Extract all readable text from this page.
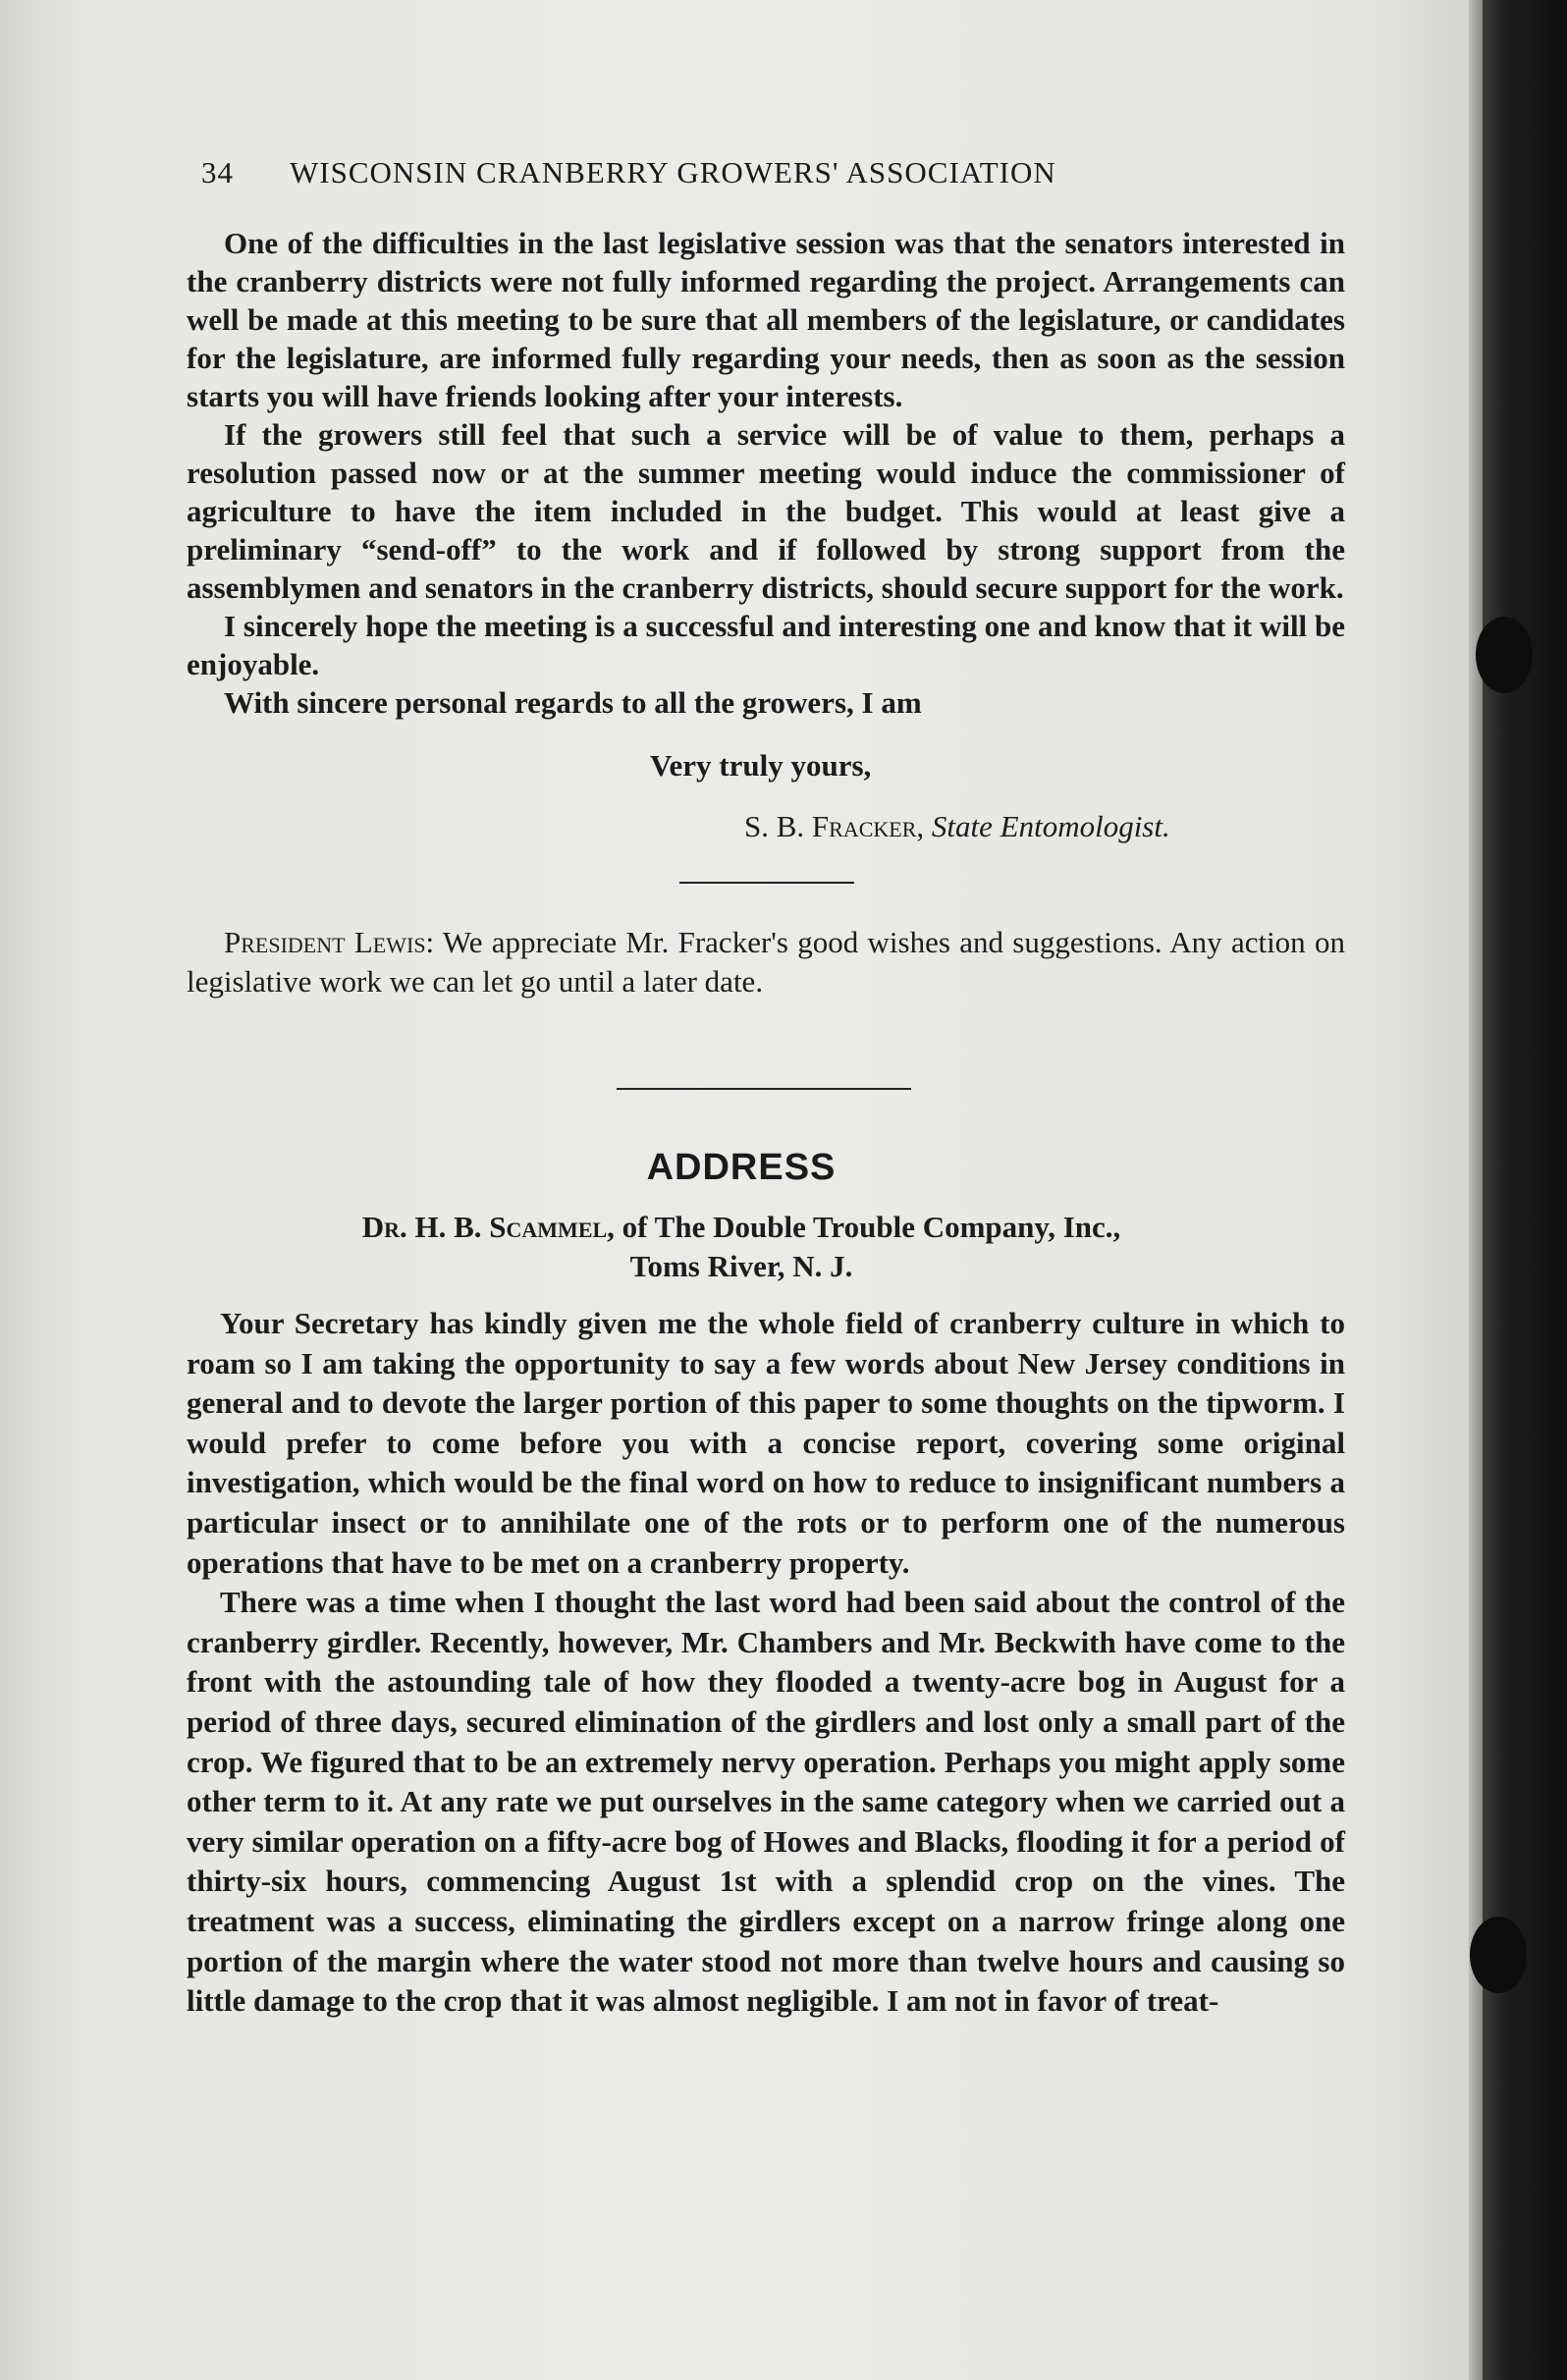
34 WISCONSIN CRANBERRY GROWERS' ASSOCIATION

One of the difficulties in the last legislative session was that the senators interested in the cranberry districts were not fully informed regarding the project. Arrangements can well be made at this meeting to be sure that all members of the legislature, or candidates for the legislature, are informed fully regarding your needs, then as soon as the session starts you will have friends looking after your interests.

If the growers still feel that such a service will be of value to them, perhaps a resolution passed now or at the summer meeting would induce the commissioner of agriculture to have the item included in the budget. This would at least give a preliminary “send-off” to the work and if followed by strong support from the assemblymen and senators in the cranberry districts, should secure support for the work.

I sincerely hope the meeting is a successful and interesting one and know that it will be enjoyable.

With sincere personal regards to all the growers, I am

Very truly yours,
S. B. Fracker, State Entomologist.

President Lewis: We appreciate Mr. Fracker's good wishes and suggestions. Any action on legislative work we can let go until a later date.

ADDRESS
Dr. H. B. Scammel, of The Double Trouble Company, Inc.,
Toms River, N. J.

Your Secretary has kindly given me the whole field of cranberry culture in which to roam so I am taking the opportunity to say a few words about New Jersey conditions in general and to devote the larger portion of this paper to some thoughts on the tipworm. I would prefer to come before you with a concise report, covering some original investigation, which would be the final word on how to reduce to insignificant numbers a particular insect or to annihilate one of the rots or to perform one of the numerous operations that have to be met on a cranberry property.

There was a time when I thought the last word had been said about the control of the cranberry girdler. Recently, however, Mr. Chambers and Mr. Beckwith have come to the front with the astounding tale of how they flooded a twenty-acre bog in August for a period of three days, secured elimination of the girdlers and lost only a small part of the crop. We figured that to be an extremely nervy operation. Perhaps you might apply some other term to it. At any rate we put ourselves in the same category when we carried out a very similar operation on a fifty-acre bog of Howes and Blacks, flooding it for a period of thirty-six hours, commencing August 1st with a splendid crop on the vines. The treatment was a success, eliminating the girdlers except on a narrow fringe along one portion of the margin where the water stood not more than twelve hours and causing so little damage to the crop that it was almost negligible. I am not in favor of treat-
